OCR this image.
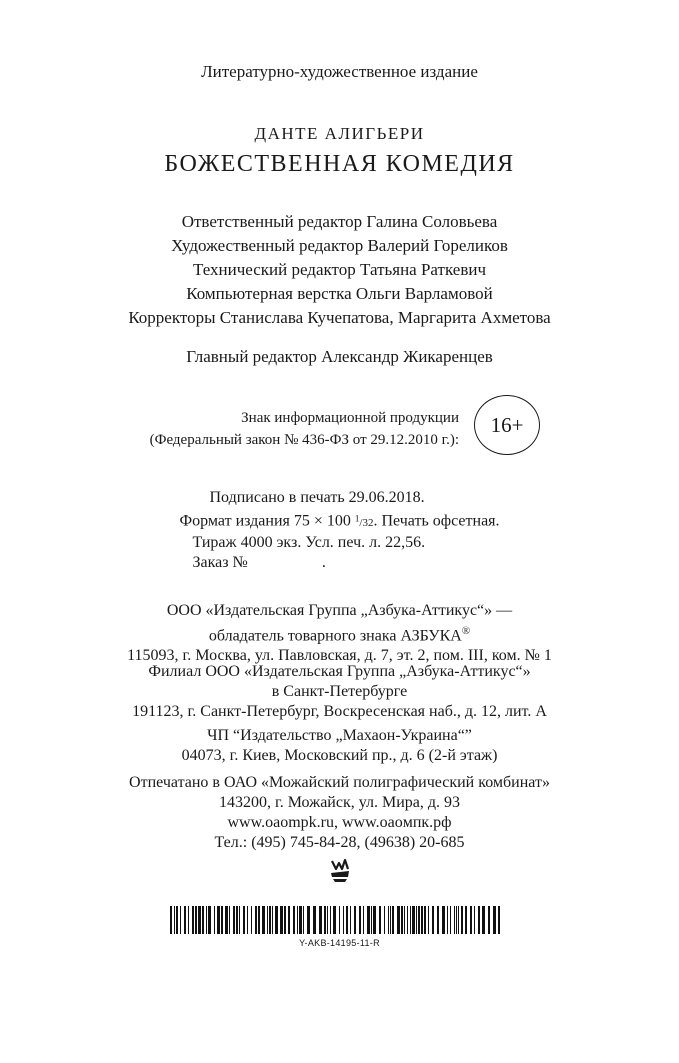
Литературно-художественное издание
ДАНТЕ АЛИГЬЕРИ
БОЖЕСТВЕННАЯ КОМЕДИЯ
Ответственный редактор Галина Соловьева
Художественный редактор Валерий Гореликов
Технический редактор Татьяна Раткевич
Компьютерная верстка Ольги Варламовой
Корректоры Станислава Кучепатова, Маргарита Ахметова
Главный редактор Александр Жикаренцев
Знак информационной продукции
(Федеральный закон № 436-ФЗ от 29.12.2010 г.):
16+
Подписано в печать 29.06.2018.
Формат издания 75 × 100 $^1$/32. Печать офсетная.
Тираж 4000 экз. Усл. печ. л. 22,56.
Заказ №	.
ООО «Издательская Группа „Азбука-Аттикус“» —
обладатель товарного знака АЗБУКА®
115093, г. Москва, ул. Павловская, д. 7, эт. 2, пом. III, ком. № 1
Филиал ООО «Издательская Группа „Азбука-Аттикус“»
в Санкт-Петербурге
191123, г. Санкт-Петербург, Воскресенская наб., д. 12, лит. А
ЧП “Издательство „Махаон-Украина“”
04073, г. Киев, Московский пр., д. 6 (2-й этаж)
Отпечатано в ОАО «Можайский полиграфический комбинат»
143200, г. Можайск, ул. Мира, д. 93
www.oaompk.ru, www.oaoмпк.рф
Тел.: (495) 745-84-28, (49638) 20-685
Y-AKB-14195-11-R
